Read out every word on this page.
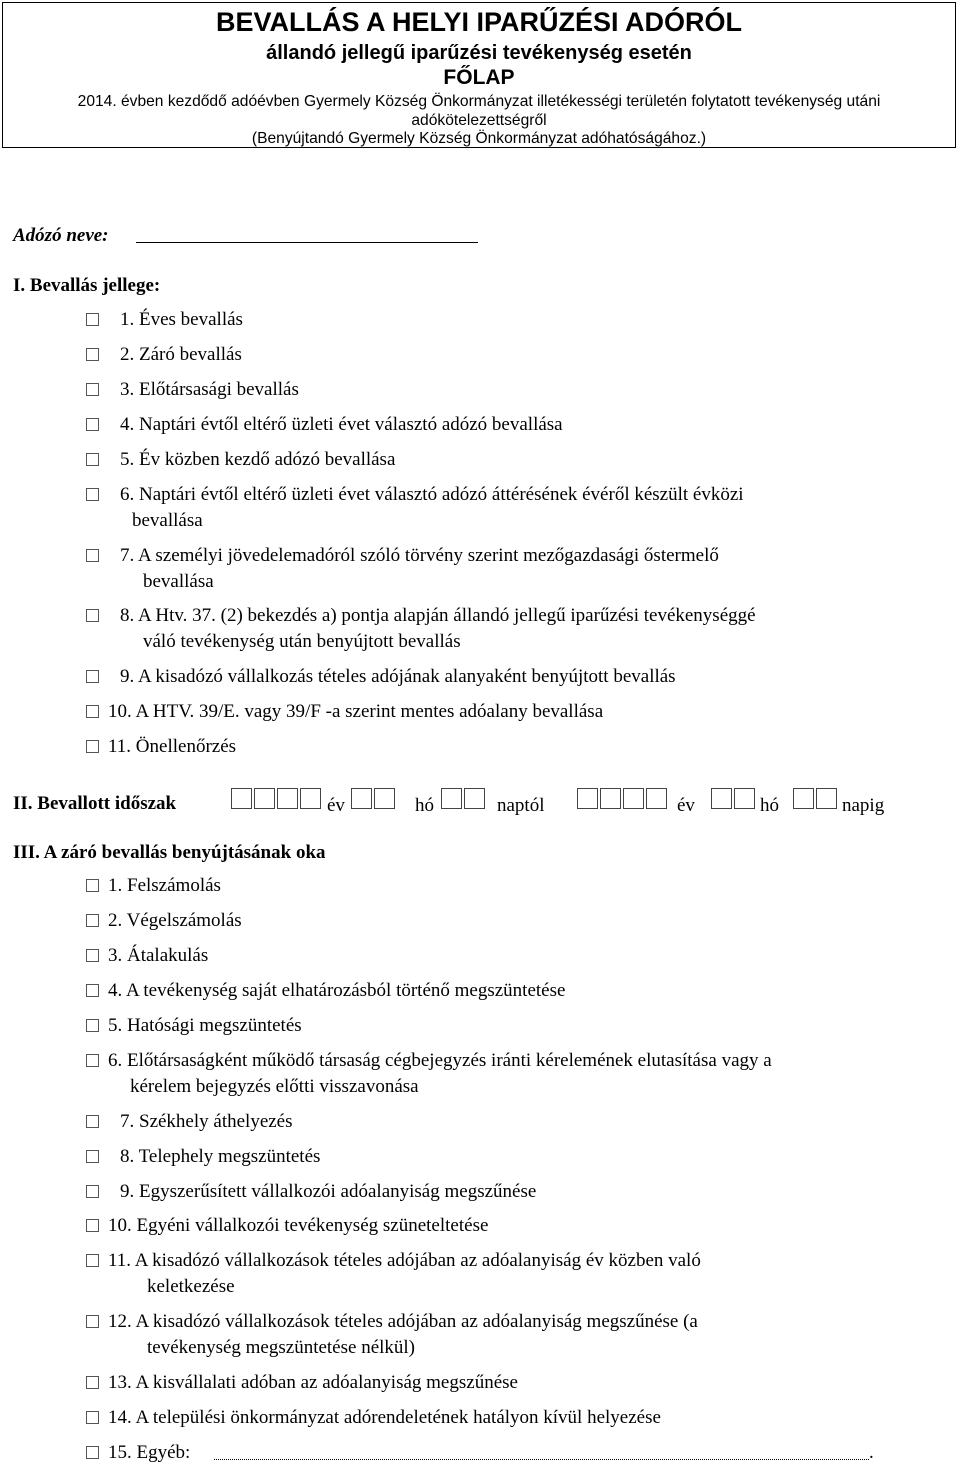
BEVALLÁS A HELYI IPARŰZÉSI ADÓRÓL
állandó jellegű iparűzési tevékenység esetén
FŐLAP
2014. évben kezdődő adóévben Gyermely Község Önkormányzat illetékességi területén folytatott tevékenység utáni
adókötelezettségről
(Benyújtandó Gyermely Község Önkormányzat adóhatóságához.)
Adózó neve:
I. Bevallás jellege:
1. Éves bevallás
2. Záró bevallás
3. Előtársasági bevallás
4. Naptári évtől eltérő üzleti évet választó adózó bevallása
5. Év közben kezdő adózó bevallása
6. Naptári évtől eltérő üzleti évet választó adózó áttérésének évéről készült évközi
bevallása
7. A személyi jövedelemadóról szóló törvény szerint mezőgazdasági őstermelő
bevallása
8. A Htv. 37. (2) bekezdés a) pontja alapján állandó jellegű iparűzési tevékenységgé
váló tevékenység után benyújtott bevallás
9. A kisadózó vállalkozás tételes adójának alanyaként benyújtott bevallás
10. A HTV. 39/E. vagy 39/F -a szerint mentes adóalany bevallása
11. Önellenőrzés
II. Bevallott időszak	év	hó	naptól	év	hó	napig
III. A záró bevallás benyújtásának oka
1. Felszámolás
2. Végelszámolás
3. Átalakulás
4. A tevékenység saját elhatározásból történő megszüntetése
5. Hatósági megszüntetés
6. Előtársaságként működő társaság cégbejegyzés iránti kérelemének elutasítása vagy a
kérelem bejegyzés előtti visszavonása
7. Székhely áthelyezés
8. Telephely megszüntetés
9. Egyszerűsített vállalkozói adóalanyiság megszűnése
10. Egyéni vállalkozói tevékenység szüneteltetése
11. A kisadózó vállalkozások tételes adójában az adóalanyiság év közben való
keletkezése
12. A kisadózó vállalkozások tételes adójában az adóalanyiság megszűnése (a
tevékenység megszüntetése nélkül)
13. A kisvállalati adóban az adóalanyiság megszűnése
14. A települési önkormányzat adórendeletének hatályon kívül helyezése
15. Egyéb:	.
